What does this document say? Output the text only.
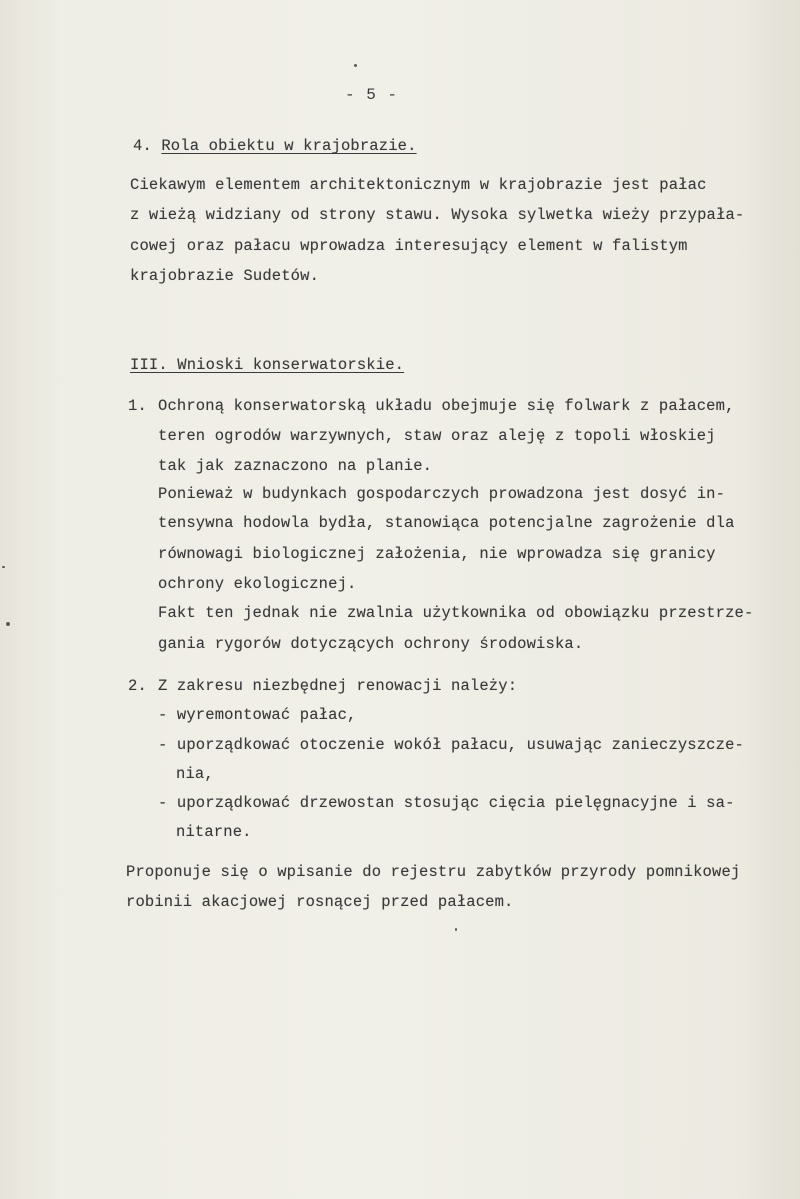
- 5 -
4. Rola obiektu w krajobrazie.
Ciekawym elementem architektonicznym w krajobrazie jest pałac
z wieżą widziany od strony stawu. Wysoka sylwetka wieży przypała-
cowej oraz pałacu wprowadza interesujący element w falistym
krajobrazie Sudetów.
III. Wnioski konserwatorskie.
1. Ochroną konserwatorską układu obejmuje się folwark z pałacem,
teren ogrodów warzywnych, staw oraz aleję z topoli włoskiej
tak jak zaznaczono na planie.
Ponieważ w budynkach gospodarczych prowadzona jest dosyć in-
tensywna hodowla bydła, stanowiąca potencjalne zagrożenie dla
równowagi biologicznej założenia, nie wprowadza się granicy
ochrony ekologicznej.
Fakt ten jednak nie zwalnia użytkownika od obowiązku przestrze-
gania rygorów dotyczących ochrony środowiska.
2. Z zakresu niezbędnej renowacji należy:
- wyremontować pałac,
- uporządkować otoczenie wokół pałacu, usuwając zanieczyszcze-
nia,
- uporządkować drzewostan stosując cięcia pielęgnacyjne i sa-
nitarne.
Proponuje się o wpisanie do rejestru zabytków przyrody pomnikowej
robinii akacjowej rosnącej przed pałacem.
